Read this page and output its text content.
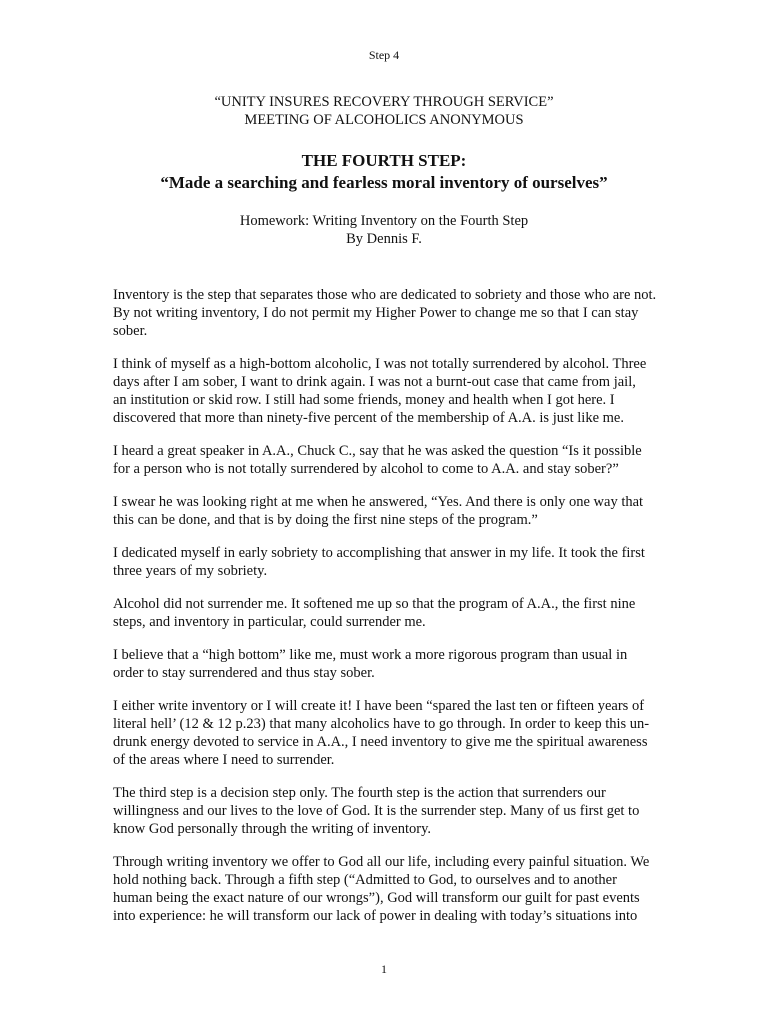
Step 4
“UNITY INSURES RECOVERY THROUGH SERVICE”
MEETING OF ALCOHOLICS ANONYMOUS
THE FOURTH STEP:
“Made a searching and fearless moral inventory of ourselves”
Homework: Writing Inventory on the Fourth Step
By Dennis F.

Inventory is the step that separates those who are dedicated to sobriety and those who are not.
By not writing inventory, I do not permit my Higher Power to change me so that I can stay
sober.

I think of myself as a high-bottom alcoholic, I was not totally surrendered by alcohol. Three
days after I am sober, I want to drink again. I was not a burnt-out case that came from jail,
an institution or skid row. I still had some friends, money and health when I got here. I
discovered that more than ninety-five percent of the membership of A.A. is just like me.

I heard a great speaker in A.A., Chuck C., say that he was asked the question “Is it possible
for a person who is not totally surrendered by alcohol to come to A.A. and stay sober?”

I swear he was looking right at me when he answered, “Yes. And there is only one way that
this can be done, and that is by doing the first nine steps of the program.”

I dedicated myself in early sobriety to accomplishing that answer in my life. It took the first
three years of my sobriety.

Alcohol did not surrender me. It softened me up so that the program of A.A., the first nine
steps, and inventory in particular, could surrender me.

I believe that a “high bottom” like me, must work a more rigorous program than usual in
order to stay surrendered and thus stay sober.

I either write inventory or I will create it! I have been “spared the last ten or fifteen years of
literal hell’ (12 & 12 p.23) that many alcoholics have to go through. In order to keep this un-
drunk energy devoted to service in A.A., I need inventory to give me the spiritual awareness
of the areas where I need to surrender.

The third step is a decision step only. The fourth step is the action that surrenders our
willingness and our lives to the love of God. It is the surrender step. Many of us first get to
know God personally through the writing of inventory.

Through writing inventory we offer to God all our life, including every painful situation. We
hold nothing back. Through a fifth step (“Admitted to God, to ourselves and to another
human being the exact nature of our wrongs”), God will transform our guilt for past events
into experience: he will transform our lack of power in dealing with today’s situations into

1
